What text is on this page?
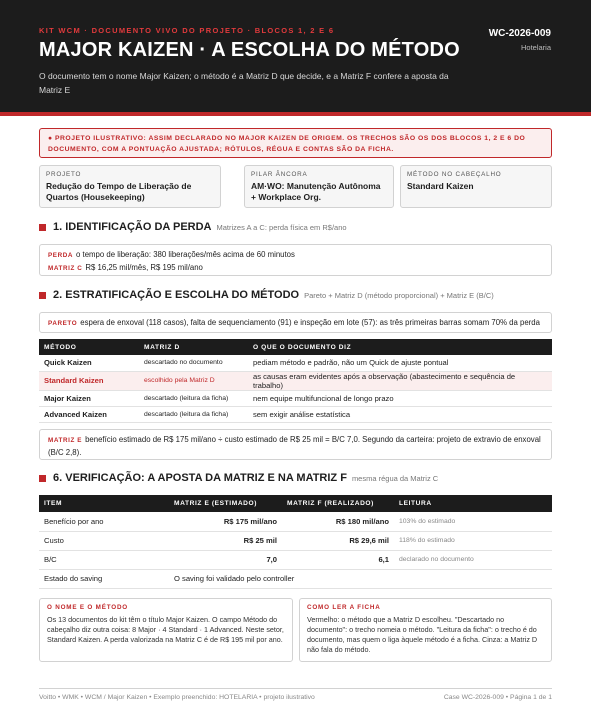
KIT WCM · DOCUMENTO VIVO DO PROJETO · BLOCOS 1, 2 E 6
MAJOR KAIZEN · A ESCOLHA DO MÉTODO
O documento tem o nome Major Kaizen; o método é a Matriz D que decide, e a Matriz F confere a aposta da Matriz E
WC-2026-009
Hotelaria
● PROJETO ILUSTRATIVO: ASSIM DECLARADO NO MAJOR KAIZEN DE ORIGEM. OS TRECHOS SÃO OS DOS BLOCOS 1, 2 E 6 DO DOCUMENTO, COM A PONTUAÇÃO AJUSTADA; RÓTULOS, RÉGUA E CONTAS SÃO DA FICHA.
PROJETO
Redução do Tempo de Liberação de Quartos (Housekeeping)
PILAR ÂNCORA
AM·WO: Manutenção Autônoma + Workplace Org.
MÉTODO NO CABEÇALHO
Standard Kaizen
1. IDENTIFICAÇÃO DA PERDA Matrizes A a C: perda física em R$/ano
PERDA o tempo de liberação: 380 liberações/mês acima de 60 minutos
MATRIZ C R$ 16,25 mil/mês, R$ 195 mil/ano
2. ESTRATIFICAÇÃO E ESCOLHA DO MÉTODO Pareto + Matriz D (método proporcional) + Matriz E (B/C)
PARETO espera de enxoval (118 casos), falta de sequenciamento (91) e inspeção em lote (57): as três primeiras barras somam 70% da perda
MÉTODO	MATRIZ D	O QUE O DOCUMENTO DIZ
Quick Kaizen	descartado no documento	pediam método e padrão, não um Quick de ajuste pontual
Standard Kaizen	escolhido pela Matriz D	as causas eram evidentes após a observação (abastecimento e sequência de trabalho)
Major Kaizen	descartado (leitura da ficha)	nem equipe multifuncional de longo prazo
Advanced Kaizen	descartado (leitura da ficha)	sem exigir análise estatística
MATRIZ E benefício estimado de R$ 175 mil/ano ÷ custo estimado de R$ 25 mil = B/C 7,0. Segundo da carteira: projeto de extravio de enxoval (B/C 2,8).
6. VERIFICAÇÃO: A APOSTA DA MATRIZ E NA MATRIZ F mesma régua da Matriz C
ITEM	MATRIZ E (ESTIMADO)	MATRIZ F (REALIZADO)	LEITURA
Benefício por ano	R$ 175 mil/ano	R$ 180 mil/ano	103% do estimado
Custo	R$ 25 mil	R$ 29,6 mil	118% do estimado
B/C	7,0	6,1	declarado no documento
Estado do saving	O saving foi validado pelo controller		
O NOME E O MÉTODO
Os 13 documentos do kit têm o título Major Kaizen. O campo Método do cabeçalho diz outra coisa: 8 Major · 4 Standard · 1 Advanced. Neste setor, Standard Kaizen. A perda valorizada na Matriz C é de R$ 195 mil por ano.
COMO LER A FICHA
Vermelho: o método que a Matriz D escolheu. "Descartado no documento": o trecho nomeia o método. "Leitura da ficha": o trecho é do documento, mas quem o liga àquele método é a ficha. Cinza: a Matriz D não fala do método.
Voitto • WMK • WCM / Major Kaizen • Exemplo preenchido: HOTELARIA • projeto ilustrativo	Case WC-2026-009 • Página 1 de 1
